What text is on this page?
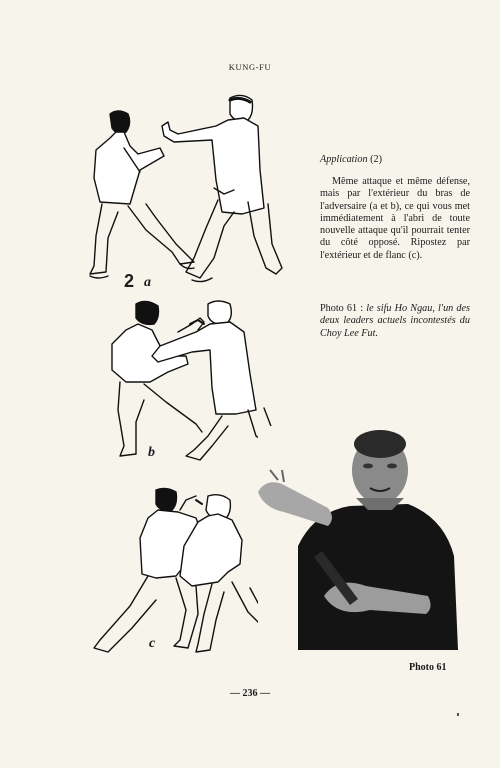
KUNG-FU
2 a
b
c
Application (2)
Même attaque et même défense, mais par l'extérieur du bras de l'adversaire (a et b), ce qui vous met immédiatement à l'abri de toute nouvelle attaque qu'il pourrait tenter du côté opposé. Ripostez par l'extérieur et de flanc (c).
Photo 61 : le sifu Ho Ngau, l'un des deux leaders actuels incontestés du Choy Lee Fut.
Photo 61
— 236 —
